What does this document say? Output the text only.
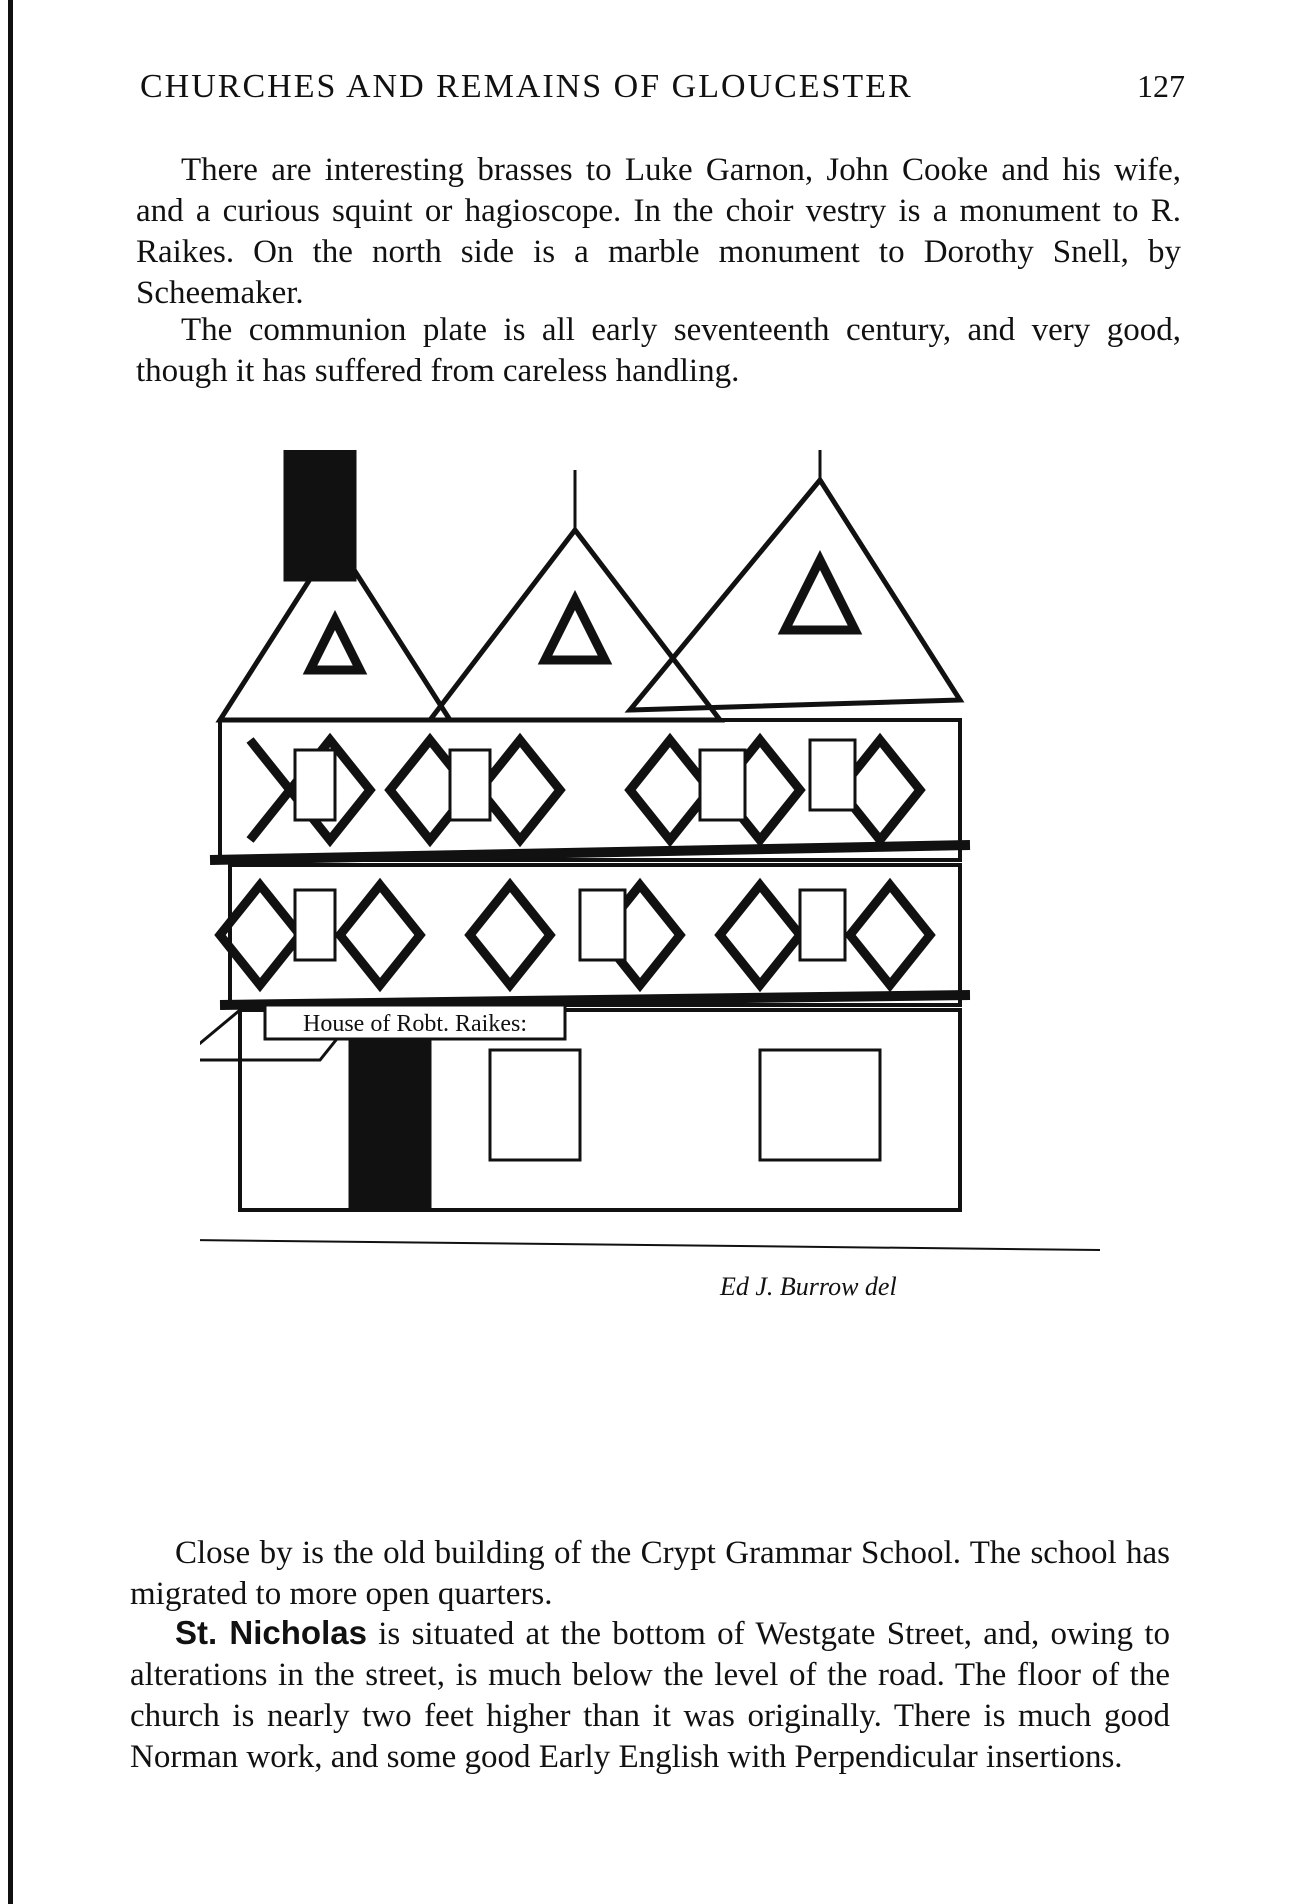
CHURCHES AND REMAINS OF GLOUCESTER	127

There are interesting brasses to Luke Garnon, John Cooke and his wife, and a curious squint or hagioscope. In the choir vestry is a monument to R. Raikes. On the north side is a marble monument to Dorothy Snell, by Scheemaker.

The communion plate is all early seventeenth century, and very good, though it has suffered from careless handling.

House of Robt. Raikes:
Ed J. Burrow del

Close by is the old building of the Crypt Grammar School. The school has migrated to more open quarters.

St. Nicholas is situated at the bottom of Westgate Street, and, owing to alterations in the street, is much below the level of the road. The floor of the church is nearly two feet higher than it was originally. There is much good Norman work, and some good Early English with Perpendicular insertions.
